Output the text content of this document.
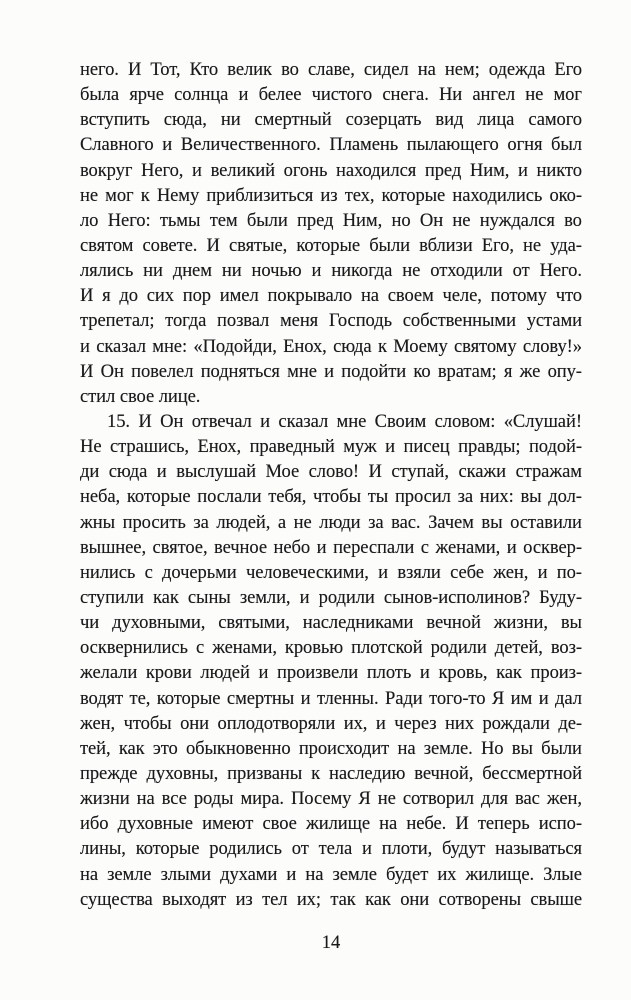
него. И Тот, Кто велик во славе, сидел на нем; одежда Его
была ярче солнца и белее чистого снега. Ни ангел не мог
вступить сюда, ни смертный созерцать вид лица самого
Славного и Величественного. Пламень пылающего огня был
вокруг Него, и великий огонь находился пред Ним, и никто
не мог к Нему приблизиться из тех, которые находились око-
ло Него: тьмы тем были пред Ним, но Он не нуждался во
святом совете. И святые, которые были вблизи Его, не уда-
лялись ни днем ни ночью и никогда не отходили от Него.
И я до сих пор имел покрывало на своем челе, потому что
трепетал; тогда позвал меня Господь собственными устами
и сказал мне: «Подойди, Енох, сюда к Моему святому слову!»
И Он повелел подняться мне и подойти ко вратам; я же опу-
стил свое лице.
15. И Он отвечал и сказал мне Своим словом: «Слушай!
Не страшись, Енох, праведный муж и писец правды; подой-
ди сюда и выслушай Мое слово! И ступай, скажи стражам
неба, которые послали тебя, чтобы ты просил за них: вы дол-
жны просить за людей, а не люди за вас. Зачем вы оставили
вышнее, святое, вечное небо и переспали с женами, и осквер-
нились с дочерьми человеческими, и взяли себе жен, и по-
ступили как сыны земли, и родили сынов-исполинов? Буду-
чи духовными, святыми, наследниками вечной жизни, вы
осквернились с женами, кровью плотской родили детей, воз-
желали крови людей и произвели плоть и кровь, как произ-
водят те, которые смертны и тленны. Ради того-то Я им и дал
жен, чтобы они оплодотворяли их, и через них рождали де-
тей, как это обыкновенно происходит на земле. Но вы были
прежде духовны, призваны к наследию вечной, бессмертной
жизни на все роды мира. Посему Я не сотворил для вас жен,
ибо духовные имеют свое жилище на небе. И теперь испо-
лины, которые родились от тела и плоти, будут называться
на земле злыми духами и на земле будет их жилище. Злые
существа выходят из тел их; так как они сотворены свыше
14
